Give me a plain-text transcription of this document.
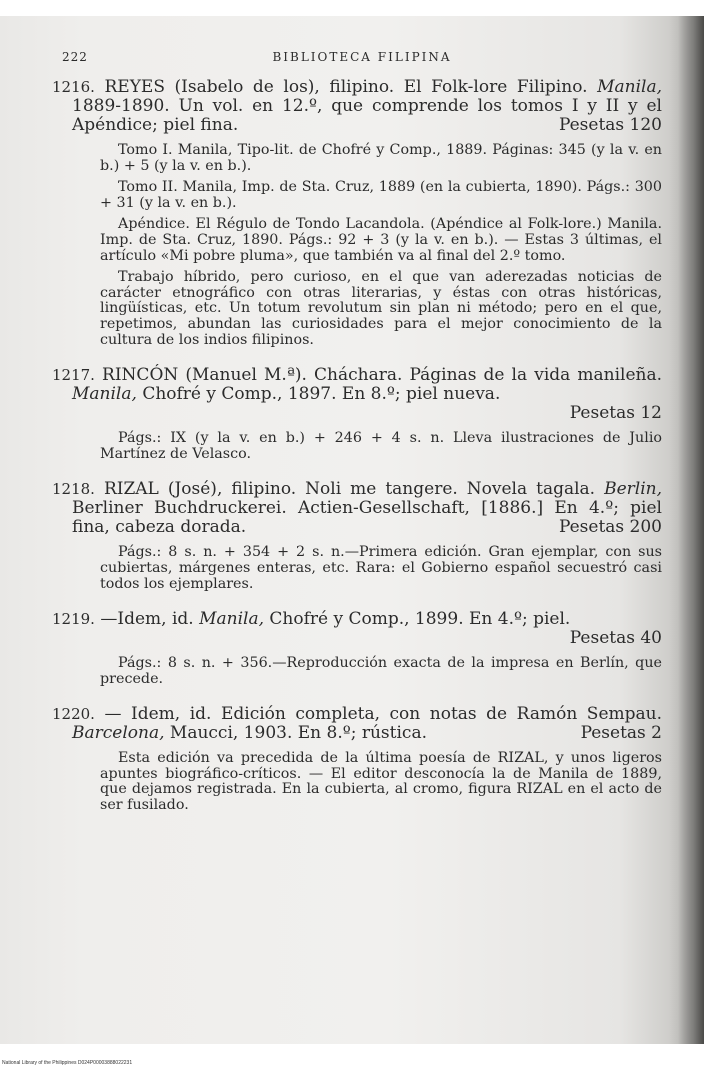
222	BIBLIOTECA FILIPINA
1216. REYES (Isabelo de los), filipino. El Folk-lore Filipino. Manila, 1889-1890. Un vol. en 12.º, que comprende los tomos I y II y el Apéndice; piel fina.	Pesetas 120

Tomo I. Manila, Tipo-lit. de Chofré y Comp., 1889. Páginas: 345 (y la v. en b.) + 5 (y la v. en b.).

Tomo II. Manila, Imp. de Sta. Cruz, 1889 (en la cubierta, 1890). Págs.: 300 + 31 (y la v. en b.).

Apéndice. El Régulo de Tondo Lacandola. (Apéndice al Folk-lore.) Manila. Imp. de Sta. Cruz, 1890. Págs.: 92 + 3 (y la v. en b.). — Estas 3 últimas, el artículo «Mi pobre pluma», que también va al final del 2.º tomo.

Trabajo híbrido, pero curioso, en el que van aderezadas noticias de carácter etnográfico con otras literarias, y éstas con otras históricas, lingüísticas, etc. Un totum revolutum sin plan ni método; pero en el que, repetimos, abundan las curiosidades para el mejor conocimiento de la cultura de los indios filipinos.

1217. RINCÓN (Manuel M.ª). Cháchara. Páginas de la vida manileña. Manila, Chofré y Comp., 1897. En 8.º; piel nueva.
Pesetas 12

Págs.: IX (y la v. en b.) + 246 + 4 s. n. Lleva ilustraciones de Julio Martínez de Velasco.

1218. RIZAL (José), filipino. Noli me tangere. Novela tagala. Berlin, Berliner Buchdruckerei. Actien-Gesellschaft, [1886.] En 4.º; piel fina, cabeza dorada.	Pesetas 200

Págs.: 8 s. n. + 354 + 2 s. n.—Primera edición. Gran ejemplar, con sus cubiertas, márgenes enteras, etc. Rara: el Gobierno español secuestró casi todos los ejemplares.

1219. —Idem, id. Manila, Chofré y Comp., 1899. En 4.º; piel.
Pesetas 40

Págs.: 8 s. n. + 356.—Reproducción exacta de la impresa en Berlín, que precede.

1220. — Idem, id. Edición completa, con notas de Ramón Sempau. Barcelona, Maucci, 1903. En 8.º; rústica.	Pesetas 2

Esta edición va precedida de la última poesía de RIZAL, y unos ligeros apuntes biográfico-críticos. — El editor desconocía la de Manila de 1889, que dejamos registrada. En la cubierta, al cromo, figura RIZAL en el acto de ser fusilado.

National Library of the Philippines D024P00003888022231
